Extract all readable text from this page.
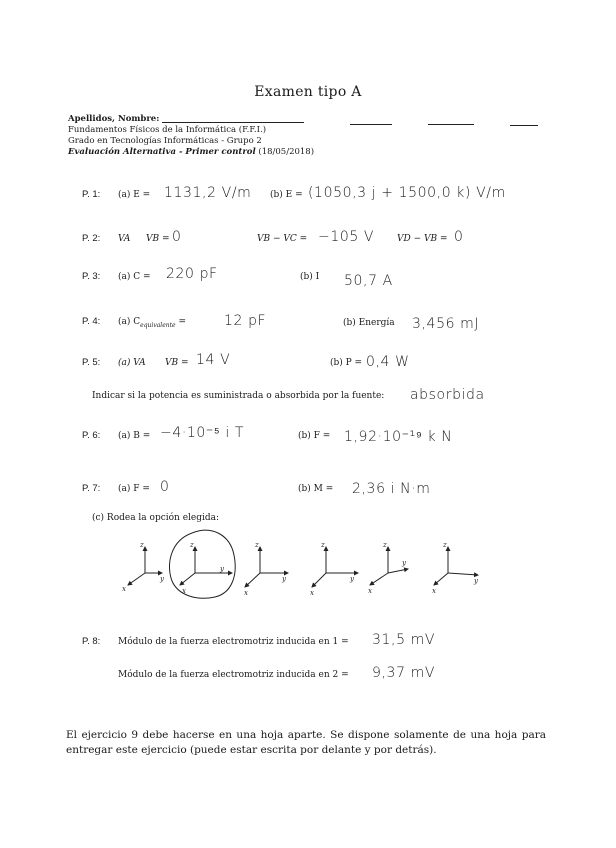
Examen tipo A
Apellidos, Nombre:
Fundamentos Físicos de la Informática (F.F.I.)
Grado en Tecnologías Informáticas - Grupo 2
Evaluación Alternativa - Primer control (18/05/2018)
P. 1: (a) E = 1131,2 V/m (b) E = (1050,3 j + 1500,0 k) V/m
P. 2: VA VB = 0	VB − VC = −105 V	VD − VB = 0
P. 3: (a) C = 220 pF	(b) I 50,7 A
P. 4: (a) $C_{equivalente}$ =	12 pF	(b) Energía 3,456 mJ
P. 5: (a) VA VB = 14 V	(b) P = 0,4 W
Indicar si la potencia es suministrada o absorbida por la fuente: absorbida
P. 6: (a) B = −4·10⁻⁵ i T	(b) F = 1,92·10⁻¹⁹ k N
P. 7: (a) F = 0	(b) M = 2,36 i N·m
(c) Rodea la opción elegida:
z
y
x
z
y
x
z
y
x
z
y
x
z
y
x
z
y
x
P. 8: Módulo de la fuerza electromotriz inducida en 1 = 31,5 mV
Módulo de la fuerza electromotriz inducida en 2 = 9,37 mV
El ejercicio 9 debe hacerse en una hoja aparte. Se dispone solamente de una hoja para entregar este ejercicio (puede estar escrita por delante y por detrás).
